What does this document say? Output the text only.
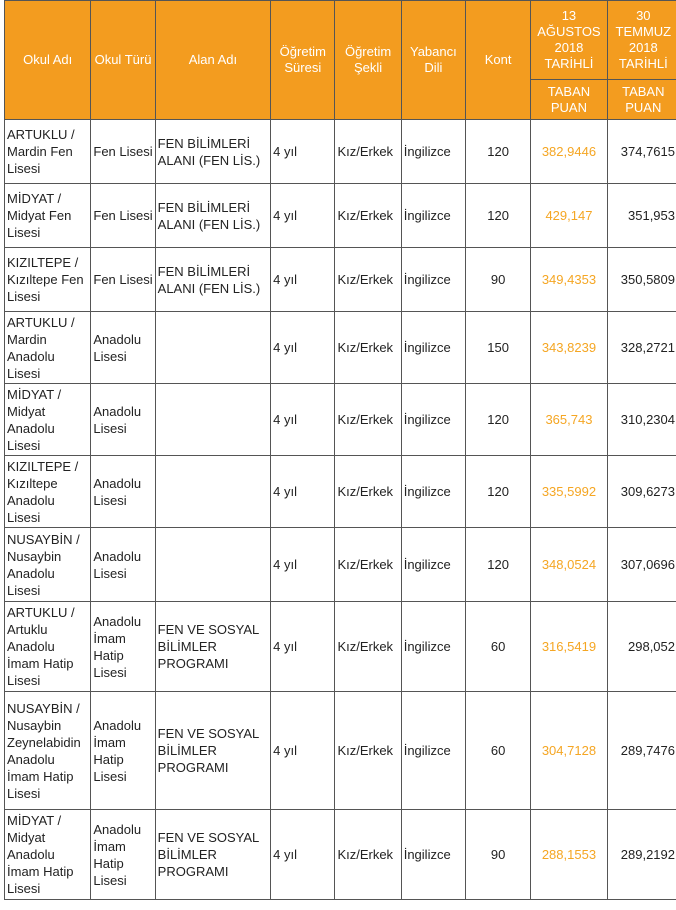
Okul Adı	Okul Türü	Alan Adı	Öğretim Süresi	Öğretim Şekli	Yabancı Dili	Kont	13 AĞUSTOS 2018 TARİHLİ	30 TEMMUZ 2018 TARİHLİ
							TABAN PUAN	TABAN PUAN
ARTUKLU / Mardin Fen Lisesi	Fen Lisesi	FEN BİLİMLERİ ALANI (FEN LİS.)	4 yıl	Kız/Erkek	İngilizce	120	382,9446	374,7615
MİDYAT / Midyat Fen Lisesi	Fen Lisesi	FEN BİLİMLERİ ALANI (FEN LİS.)	4 yıl	Kız/Erkek	İngilizce	120	429,147	351,953
KIZILTEPE / Kızıltepe Fen Lisesi	Fen Lisesi	FEN BİLİMLERİ ALANI (FEN LİS.)	4 yıl	Kız/Erkek	İngilizce	90	349,4353	350,5809
ARTUKLU / Mardin Anadolu Lisesi	Anadolu Lisesi		4 yıl	Kız/Erkek	İngilizce	150	343,8239	328,2721
MİDYAT / Midyat Anadolu Lisesi	Anadolu Lisesi		4 yıl	Kız/Erkek	İngilizce	120	365,743	310,2304
KIZILTEPE / Kızıltepe Anadolu Lisesi	Anadolu Lisesi		4 yıl	Kız/Erkek	İngilizce	120	335,5992	309,6273
NUSAYBİN / Nusaybin Anadolu Lisesi	Anadolu Lisesi		4 yıl	Kız/Erkek	İngilizce	120	348,0524	307,0696
ARTUKLU / Artuklu Anadolu İmam Hatip Lisesi	Anadolu İmam Hatip Lisesi	FEN VE SOSYAL BİLİMLER PROGRAMI	4 yıl	Kız/Erkek	İngilizce	60	316,5419	298,052
NUSAYBİN / Nusaybin Zeynelabidin Anadolu İmam Hatip Lisesi	Anadolu İmam Hatip Lisesi	FEN VE SOSYAL BİLİMLER PROGRAMI	4 yıl	Kız/Erkek	İngilizce	60	304,7128	289,7476
MİDYAT / Midyat Anadolu İmam Hatip Lisesi	Anadolu İmam Hatip Lisesi	FEN VE SOSYAL BİLİMLER PROGRAMI	4 yıl	Kız/Erkek	İngilizce	90	288,1553	289,2192
